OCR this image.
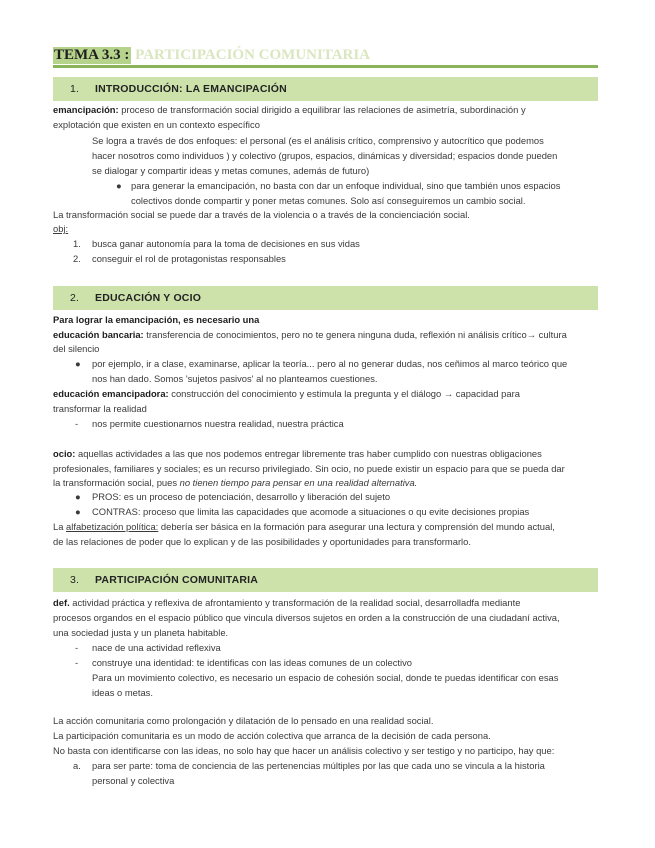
TEMA 3.3 : PARTICIPACIÓN COMUNITARIA
1. INTRODUCCIÓN: LA EMANCIPACIÓN
emancipación: proceso de transformación social dirigido a equilibrar las relaciones de asimetría, subordinación y
explotación que existen en un contexto específico
Se logra a través de dos enfoques: el personal (es el análisis crítico, comprensivo y autocrítico que podemos
hacer nosotros como individuos ) y colectivo (grupos, espacios, dinámicas y diversidad; espacios donde pueden
se dialogar y compartir ideas y metas comunes, además de futuro)
● para generar la emancipación, no basta con dar un enfoque individual, sino que también unos espacios
colectivos donde compartir y poner metas comunes. Solo así conseguiremos un cambio social.
La transformación social se puede dar a través de la violencia o a través de la concienciación social.
obj:
1. busca ganar autonomía para la toma de decisiones en sus vidas
2. conseguir el rol de protagonistas responsables
2. EDUCACIÓN Y OCIO
Para lograr la emancipación, es necesario una
educación bancaria: transferencia de conocimientos, pero no te genera ninguna duda, reflexión ni análisis crítico→ cultura
del silencio
● por ejemplo, ir a clase, examinarse, aplicar la teoría... pero al no generar dudas, nos ceñimos al marco teórico que
nos han dado. Somos 'sujetos pasivos' al no planteamos cuestiones.
educación emancipadora: construcción del conocimiento y estimula la pregunta y el diálogo → capacidad para
transformar la realidad
- nos permite cuestionarnos nuestra realidad, nuestra práctica
ocio: aquellas actividades a las que nos podemos entregar libremente tras haber cumplido con nuestras obligaciones
profesionales, familiares y sociales; es un recurso privilegiado. Sin ocio, no puede existir un espacio para que se pueda dar
la transformación social, pues no tienen tiempo para pensar en una realidad alternativa.
● PROS: es un proceso de potenciación, desarrollo y liberación del sujeto
● CONTRAS: proceso que limita las capacidades que acomode a situaciones o qu evite decisiones propias
La alfabetización política: debería ser básica en la formación para asegurar una lectura y comprensión del mundo actual,
de las relaciones de poder que lo explican y de las posibilidades y oportunidades para transformarlo.
3. PARTICIPACIÓN COMUNITARIA
def. actividad práctica y reflexiva de afrontamiento y transformación de la realidad social, desarrolladfa mediante
procesos organdos en el espacio público que vincula diversos sujetos en orden a la construcción de una ciudadaní activa,
una sociedad justa y un planeta habitable.
- nace de una actividad reflexiva
- construye una identidad: te identificas con las ideas comunes de un colectivo
Para un movimiento colectivo, es necesario un espacio de cohesión social, donde te puedas identificar con esas
ideas o metas.
La acción comunitaria como prolongación y dilatación de lo pensado en una realidad social.
La participación comunitaria es un modo de acción colectiva que arranca de la decisión de cada persona.
No basta con identificarse con las ideas, no solo hay que hacer un análisis colectivo y ser testigo y no participo, hay que:
a. para ser parte: toma de conciencia de las pertenencias múltiples por las que cada uno se vincula a la historia
personal y colectiva
